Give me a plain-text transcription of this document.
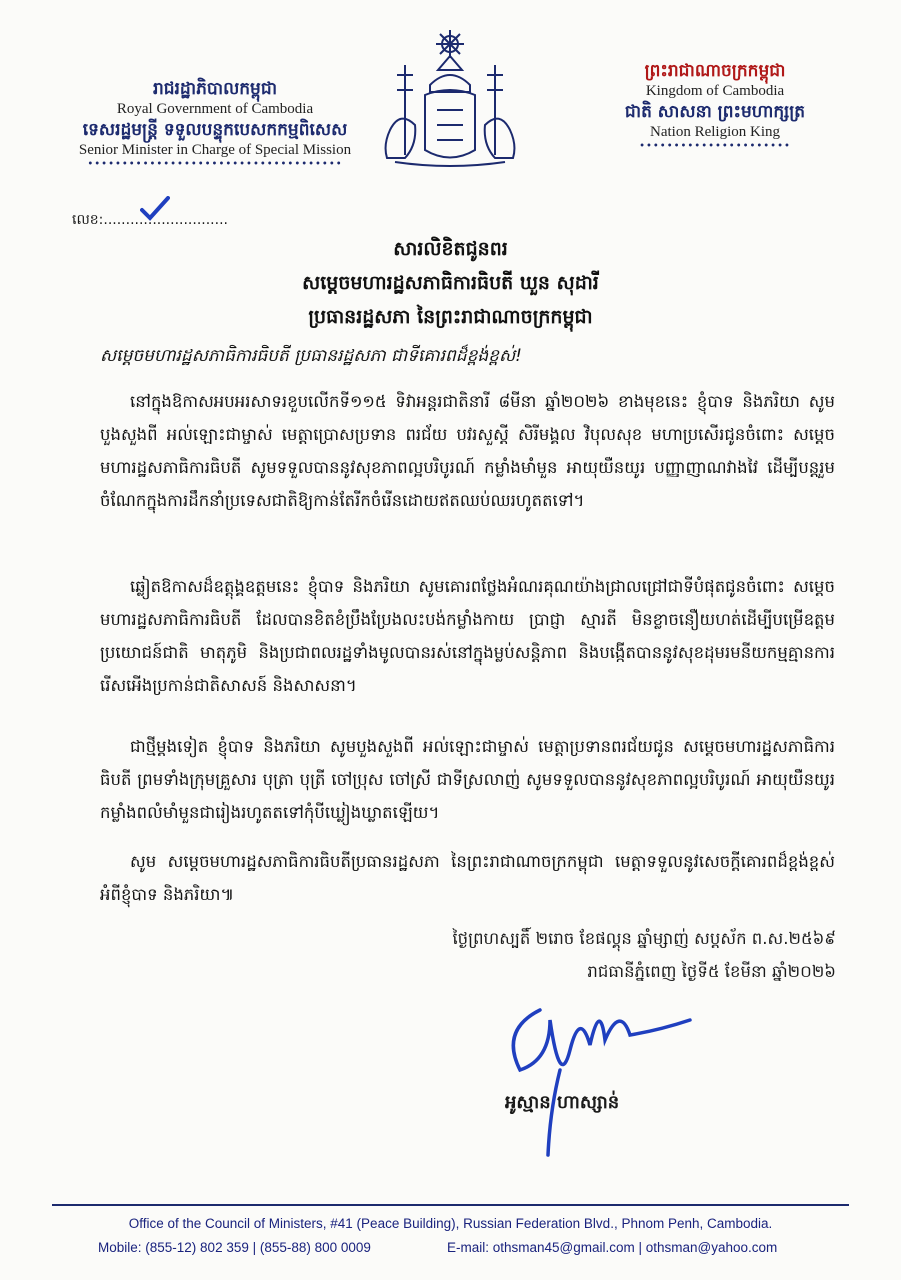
រាជរដ្ឋាភិបាលកម្ពុជា
Royal Government of Cambodia
ទេសរដ្ឋមន្ត្រី ទទួលបន្ទុកបេសកកម្មពិសេស
Senior Minister in Charge of Special Mission
•••••••••••••••••••••••••••••••••••••
ព្រះរាជាណាចក្រកម្ពុជា
Kingdom of Cambodia
ជាតិ សាសនា ព្រះមហាក្សត្រ
Nation Religion King
••••••••••••••••••••••
លេខ:............................
សារលិខិតជូនពរ
សម្តេចមហារដ្ឋសភាធិការធិបតី ឃួន សុដារី
ប្រធានរដ្ឋសភា នៃព្រះរាជាណាចក្រកម្ពុជា
សម្តេចមហារដ្ឋសភាធិការធិបតី ប្រធានរដ្ឋសភា ជាទីគោរពដ៏ខ្ពង់ខ្ពស់!
នៅក្នុងឱកាសអបអរសាទរខួបលើកទី១១៥ ទិវាអន្តរជាតិនារី ៨មីនា ឆ្នាំ២០២៦ ខាងមុខនេះ ខ្ញុំបាទ និងភរិយា សូមបួងសួងពី អល់ឡោះជាម្ចាស់ មេត្តាប្រោសប្រទាន ពរជ័យ បវរសួស្តី សិរីមង្គល វិបុលសុខ មហាប្រសើរជូនចំពោះ សម្តេចមហារដ្ឋសភាធិការធិបតី សូមទទួលបាននូវសុខភាពល្អបរិបូរណ៍ កម្លាំងមាំមួន អាយុយឺនយូរ បញ្ញាញាណវាងវៃ ដើម្បីបន្តរួមចំណែកក្នុងការដឹកនាំប្រទេសជាតិឱ្យកាន់តែរីកចំរើនដោយឥតឈប់ឈរហូតតទៅ។
ឆ្លៀតឱកាសដ៏ឧត្តុង្គឧត្តមនេះ ខ្ញុំបាទ និងភរិយា សូមគោរពថ្លែងអំណរគុណយ៉ាងជ្រាលជ្រៅជាទីបំផុតជូនចំពោះ សម្តេចមហារដ្ឋសភាធិការធិបតី ដែលបានខិតខំប្រឹងប្រែងលះបង់កម្លាំងកាយ ប្រាជ្ញា ស្មារតី មិនខ្លាចនឿយហត់ដើម្បីបម្រើឧត្តមប្រយោជន៍ជាតិ មាតុភូមិ និងប្រជាពលរដ្ឋទាំងមូលបានរស់នៅក្នុងម្លប់សន្តិភាព និងបង្កើតបាននូវសុខដុមរមនីយកម្មគ្មានការរើសអើងប្រកាន់ជាតិសាសន៍ និងសាសនា។
ជាថ្មីម្តងទៀត ខ្ញុំបាទ និងភរិយា សូមបួងសួងពី អល់ឡោះជាម្ចាស់ មេត្តាប្រទានពរជ័យជូន សម្តេចមហារដ្ឋសភាធិការធិបតី ព្រមទាំងក្រុមគ្រួសារ បុត្រា បុត្រី ចៅប្រុស ចៅស្រី ជាទីស្រលាញ់ សូមទទួលបាននូវសុខភាពល្អបរិបូរណ៍ អាយុយឺនយូរ កម្លាំងពលំមាំមួនជារៀងរហូតតទៅកុំបីឃ្លៀងឃ្លាតឡើយ។
សូម សម្តេចមហារដ្ឋសភាធិការធិបតីប្រធានរដ្ឋសភា នៃព្រះរាជាណាចក្រកម្ពុជា មេត្តាទទួលនូវសេចក្តីគោរពដ៏ខ្ពង់ខ្ពស់អំពីខ្ញុំបាទ និងភរិយា៕
ថ្ងៃព្រហស្បតិ៍ ២រោច ខែផល្គុន ឆ្នាំម្សាញ់ សប្តស័ក ព.ស.២៥៦៩
រាជធានីភ្នំពេញ ថ្ងៃទី៥ ខែមីនា ឆ្នាំ២០២៦
អូស្មាន ហាស្សាន់
Office of the Council of Ministers, #41 (Peace Building), Russian Federation Blvd., Phnom Penh, Cambodia.
Mobile: (855-12) 802 359 | (855-88) 800 0009	E-mail: othsman45@gmail.com | othsman@yahoo.com
